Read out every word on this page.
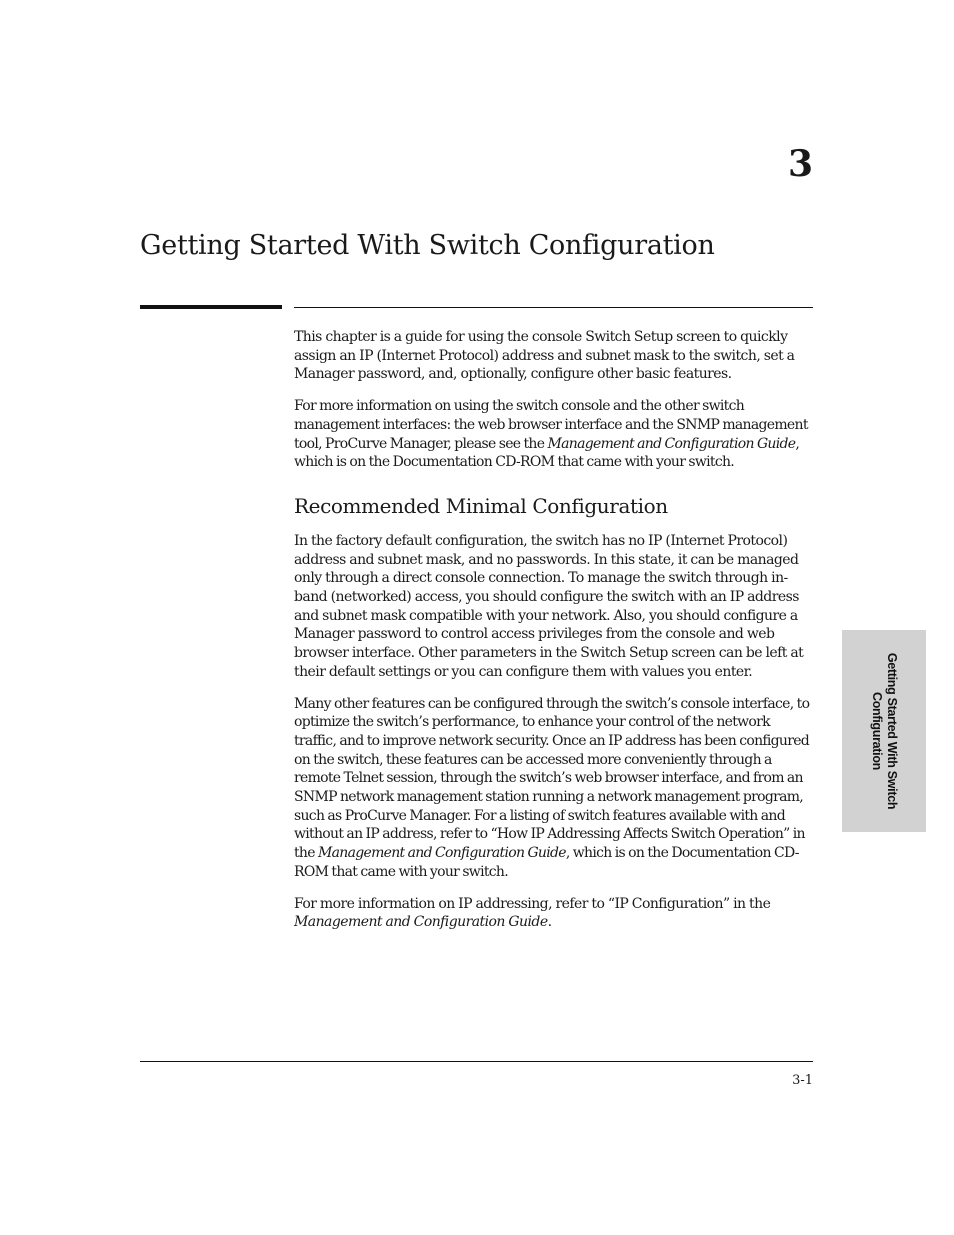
3
Getting Started With Switch Configuration

This chapter is a guide for using the console Switch Setup screen to quickly assign an IP (Internet Protocol) address and subnet mask to the switch, set a Manager password, and, optionally, configure other basic features.

For more information on using the switch console and the other switch management interfaces: the web browser interface and the SNMP management tool, ProCurve Manager, please see the Management and Configuration Guide, which is on the Documentation CD-ROM that came with your switch.

Recommended Minimal Configuration

In the factory default configuration, the switch has no IP (Internet Protocol) address and subnet mask, and no passwords. In this state, it can be managed only through a direct console connection. To manage the switch through in-band (networked) access, you should configure the switch with an IP address and subnet mask compatible with your network. Also, you should configure a Manager password to control access privileges from the console and web browser interface. Other parameters in the Switch Setup screen can be left at their default settings or you can configure them with values you enter.

Many other features can be configured through the switch’s console interface, to optimize the switch’s performance, to enhance your control of the network traffic, and to improve network security. Once an IP address has been configured on the switch, these features can be accessed more conveniently through a remote Telnet session, through the switch’s web browser interface, and from an SNMP network management station running a network management program, such as ProCurve Manager. For a listing of switch features available with and without an IP address, refer to “How IP Addressing Affects Switch Operation” in the Management and Configuration Guide, which is on the Documentation CD-ROM that came with your switch.

For more information on IP addressing, refer to “IP Configuration” in the Management and Configuration Guide.

Getting Started With Switch
Configuration
3-1
